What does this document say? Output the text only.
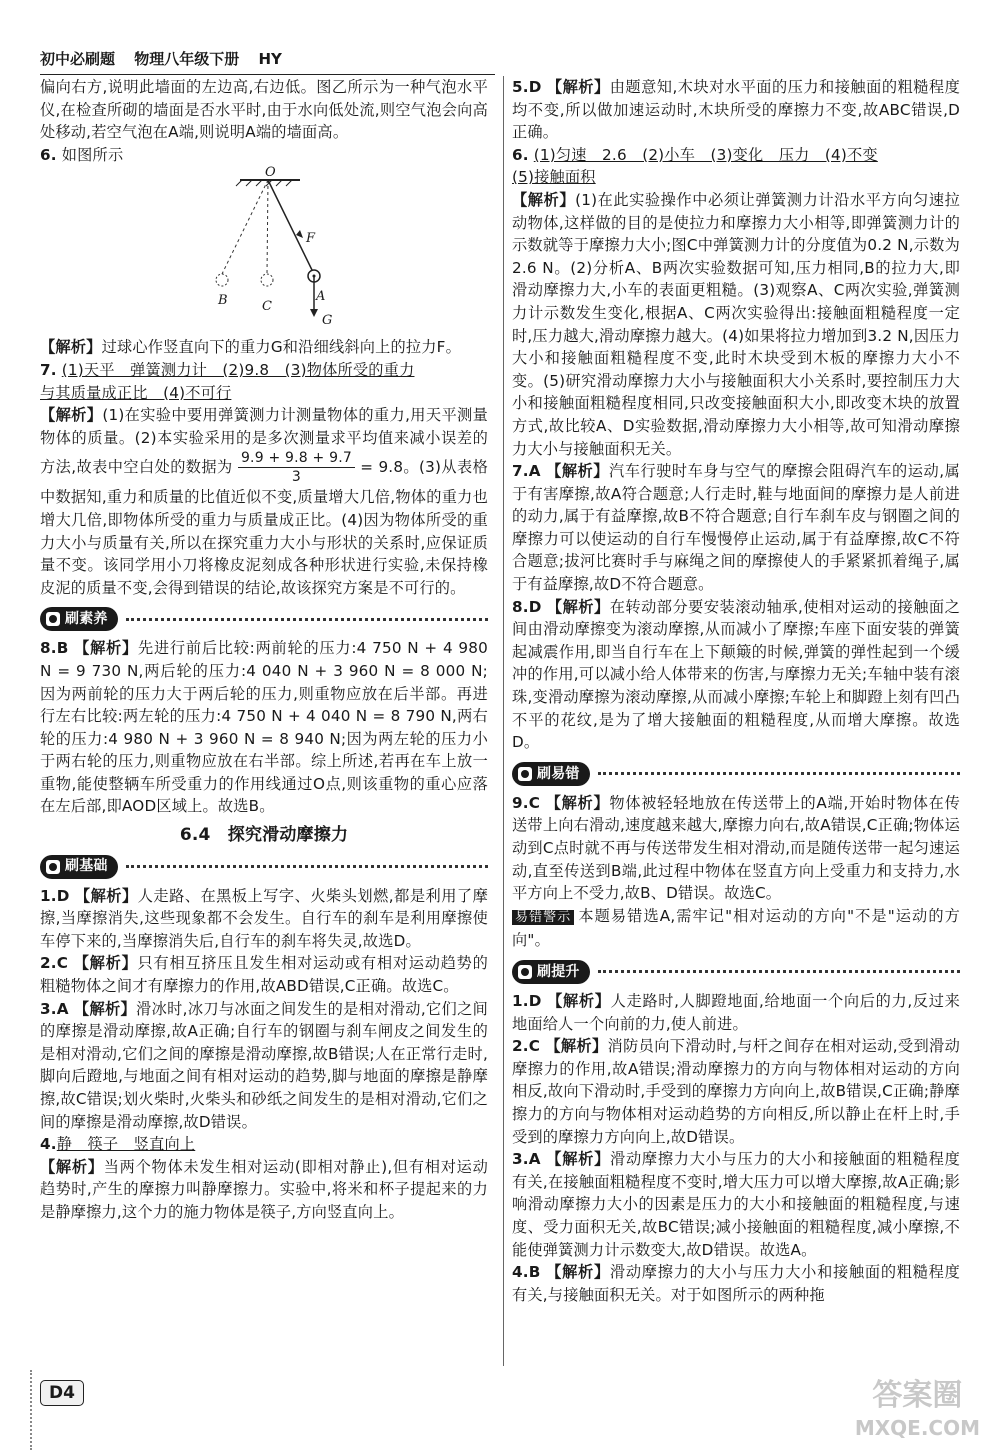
初中必刷题 物理八年级下册 HY

偏向右方,说明此墙面的左边高,右边低。图乙所示为一种气泡水平仪,在检查所砌的墙面是否水平时,由于水向低处流,则空气泡会向高处移动,若空气泡在A端,则说明A端的墙面高。

6. 如图所示

O
F
A
B	C
G

【解析】过球心作竖直向下的重力G和沿细线斜向上的拉力F。

7. (1)天平　弹簧测力计　(2)9.8　(3)物体所受的重力
与其质量成正比　(4)不可行

【解析】(1)在实验中要用弹簧测力计测量物体的重力,用天平测量物体的质量。(2)本实验采用的是多次测量求平均值来减小误差的方法,故表中空白处的数据为 $\frac{9.9 + 9.8 + 9.7}{3} = 9.8$。(3)从表格中数据知,重力和质量的比值近似不变,质量增大几倍,物体的重力也增大几倍,即物体所受的重力与质量成正比。(4)因为物体所受的重力大小与质量有关,所以在探究重力大小与形状的关系时,应保证质量不变。该同学用小刀将橡皮泥刻成各种形状进行实验,未保持橡皮泥的质量不变,会得到错误的结论,故该探究方案是不可行的。

刷素养

8.B 【解析】先进行前后比较:两前轮的压力:4 750 N + 4 980 N = 9 730 N,两后轮的压力:4 040 N + 3 960 N = 8 000 N;因为两前轮的压力大于两后轮的压力,则重物应放在后半部。再进行左右比较:两左轮的压力:4 750 N + 4 040 N = 8 790 N,两右轮的压力:4 980 N + 3 960 N = 8 940 N;因为两左轮的压力小于两右轮的压力,则重物应放在右半部。综上所述,若再在车上放一重物,能使整辆车所受重力的作用线通过O点,则该重物的重心应落在左后部,即AOD区域上。故选B。

6.4　探究滑动摩擦力
刷基础

1.D 【解析】人走路、在黑板上写字、火柴头划燃,都是利用了摩擦,当摩擦消失,这些现象都不会发生。自行车的刹车是利用摩擦使车停下来的,当摩擦消失后,自行车的刹车将失灵,故选D。

2.C 【解析】只有相互挤压且发生相对运动或有相对运动趋势的粗糙物体之间才有摩擦力的作用,故ABD错误,C正确。故选C。

3.A 【解析】滑冰时,冰刀与冰面之间发生的是相对滑动,它们之间的摩擦是滑动摩擦,故A正确;自行车的钢圈与刹车闸皮之间发生的是相对滑动,它们之间的摩擦是滑动摩擦,故B错误;人在正常行走时,脚向后蹬地,与地面之间有相对运动的趋势,脚与地面的摩擦是静摩擦,故C错误;划火柴时,火柴头和砂纸之间发生的是相对滑动,它们之间的摩擦是滑动摩擦,故D错误。

4.静　筷子　竖直向上
【解析】当两个物体未发生相对运动(即相对静止),但有相对运动趋势时,产生的摩擦力叫静摩擦力。实验中,将米和杯子提起来的力是静摩擦力,这个力的施力物体是筷子,方向竖直向上。

5.D 【解析】由题意知,木块对水平面的压力和接触面的粗糙程度均不变,所以做加速运动时,木块所受的摩擦力不变,故ABC错误,D正确。

6. (1)匀速　2.6　(2)小车　(3)变化　压力　(4)不变
(5)接触面积
【解析】(1)在此实验操作中必须让弹簧测力计沿水平方向匀速拉动物体,这样做的目的是使拉力和摩擦力大小相等,即弹簧测力计的示数就等于摩擦力大小;图C中弹簧测力计的分度值为0.2 N,示数为2.6 N。(2)分析A、B两次实验数据可知,压力相同,B的拉力大,即滑动摩擦力大,小车的表面更粗糙。(3)观察A、C两次实验,弹簧测力计示数发生变化,根据A、C两次实验得出:接触面粗糙程度一定时,压力越大,滑动摩擦力越大。(4)如果将拉力增加到3.2 N,因压力大小和接触面粗糙程度不变,此时木块受到木板的摩擦力大小不变。(5)研究滑动摩擦力大小与接触面积大小关系时,要控制压力大小和接触面粗糙程度相同,只改变接触面积大小,即改变木块的放置方式,故比较A、D实验数据,滑动摩擦力大小相等,故可知滑动摩擦力大小与接触面积无关。

7.A 【解析】汽车行驶时车身与空气的摩擦会阻碍汽车的运动,属于有害摩擦,故A符合题意;人行走时,鞋与地面间的摩擦力是人前进的动力,属于有益摩擦,故B不符合题意;自行车刹车皮与钢圈之间的摩擦力可以使运动的自行车慢慢停止运动,属于有益摩擦,故C不符合题意;拔河比赛时手与麻绳之间的摩擦使人的手紧紧抓着绳子,属于有益摩擦,故D不符合题意。

8.D 【解析】在转动部分要安装滚动轴承,使相对运动的接触面之间由滑动摩擦变为滚动摩擦,从而减小了摩擦;车座下面安装的弹簧起减震作用,即当自行车在上下颠簸的时候,弹簧的弹性起到一个缓冲的作用,可以减小给人体带来的伤害,与摩擦力无关;车轴中装有滚珠,变滑动摩擦为滚动摩擦,从而减小摩擦;车轮上和脚蹬上刻有凹凸不平的花纹,是为了增大接触面的粗糙程度,从而增大摩擦。故选D。

刷易错

9.C 【解析】物体被轻轻地放在传送带上的A端,开始时物体在传送带上向右滑动,速度越来越大,摩擦力向右,故A错误,C正确;物体运动到C点时就不再与传送带发生相对滑动,而是随传送带一起匀速运动,直至传送到B端,此过程中物体在竖直方向上受重力和支持力,水平方向上不受力,故B、D错误。故选C。

易错警示 本题易错选A,需牢记"相对运动的方向"不是"运动的方向"。

刷提升

1.D 【解析】人走路时,人脚蹬地面,给地面一个向后的力,反过来地面给人一个向前的力,使人前进。

2.C 【解析】消防员向下滑动时,与杆之间存在相对运动,受到滑动摩擦力的作用,故A错误;滑动摩擦力的方向与物体相对运动的方向相反,故向下滑动时,手受到的摩擦力方向向上,故B错误,C正确;静摩擦力的方向与物体相对运动趋势的方向相反,所以静止在杆上时,手受到的摩擦力方向向上,故D错误。

3.A 【解析】滑动摩擦力大小与压力的大小和接触面的粗糙程度有关,在接触面粗糙程度不变时,增大压力可以增大摩擦,故A正确;影响滑动摩擦力大小的因素是压力的大小和接触面的粗糙程度,与速度、受力面积无关,故BC错误;减小接触面的粗糙程度,减小摩擦,不能使弹簧测力计示数变大,故D错误。故选A。

4.B 【解析】滑动摩擦力的大小与压力大小和接触面的粗糙程度有关,与接触面积无关。对于如图所示的两种拖

D4	答案圈
MXQE.COM
